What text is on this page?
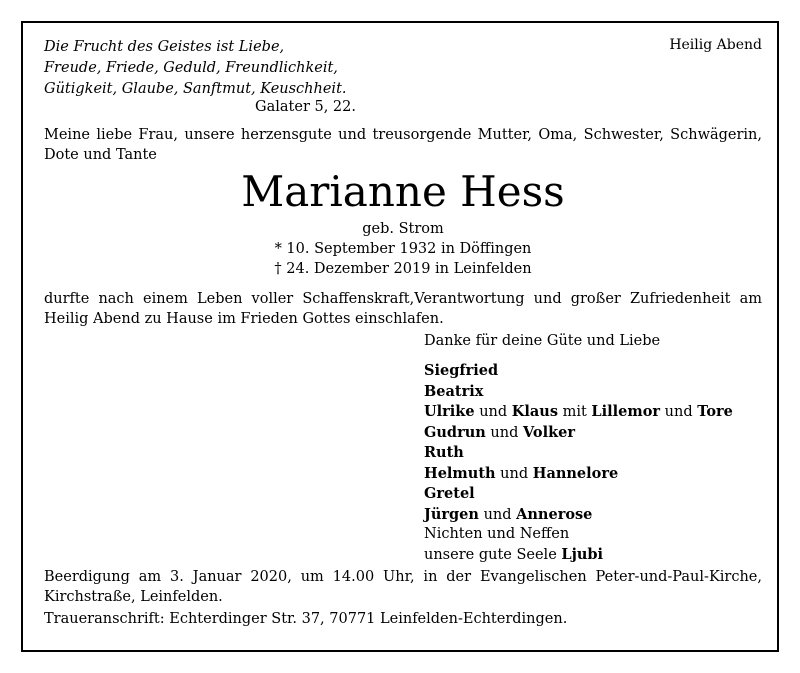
Die Frucht des Geistes ist Liebe,
Freude, Friede, Geduld, Freundlichkeit,
Gütigkeit, Glaube, Sanftmut, Keuschheit.
Galater 5, 22.
Heilig Abend
Meine liebe Frau, unsere herzensgute und treusorgende Mutter, Oma, Schwester, Schwägerin, Dote und Tante
Marianne Hess
geb. Strom
* 10. September 1932 in Döffingen
† 24. Dezember 2019 in Leinfelden
durfte nach einem Leben voller Schaffenskraft,Verantwortung und großer Zufriedenheit am Heilig Abend zu Hause im Frieden Gottes einschlafen.
Danke für deine Güte und Liebe
Siegfried
Beatrix
Ulrike und Klaus mit Lillemor und Tore
Gudrun und Volker
Ruth
Helmuth und Hannelore
Gretel
Jürgen und Annerose
Nichten und Neffen
unsere gute Seele Ljubi
Beerdigung am 3. Januar 2020, um 14.00 Uhr, in der Evangelischen Peter-und-Paul-Kirche, Kirchstraße, Leinfelden.
Traueranschrift: Echterdinger Str. 37, 70771 Leinfelden-Echterdingen.
